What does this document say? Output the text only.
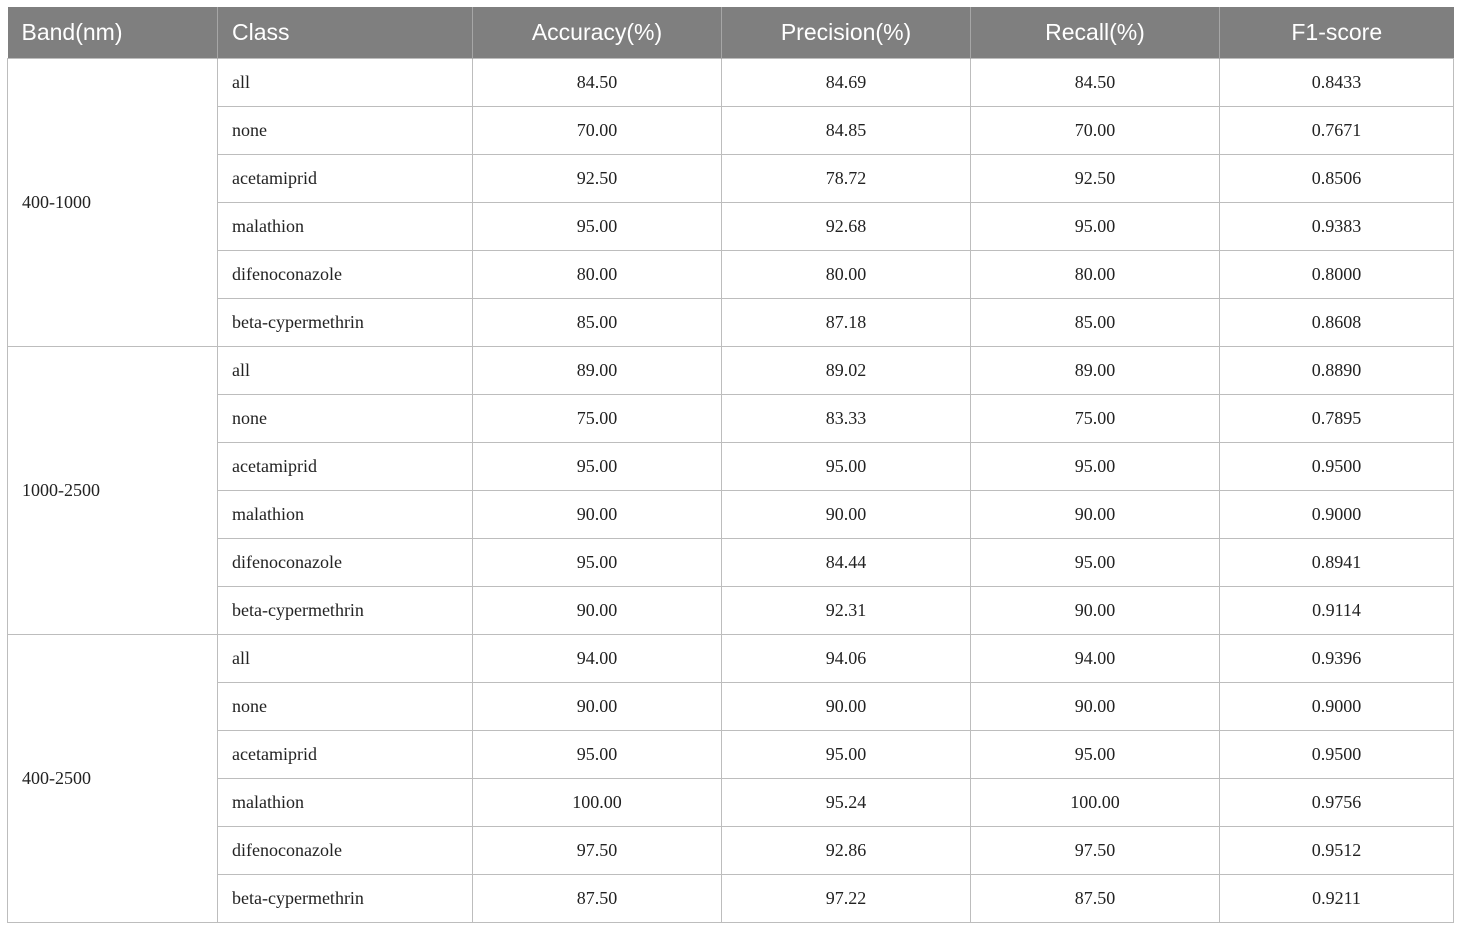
Band(nm)	Class	Accuracy(%)	Precision(%)	Recall(%)	F1-score
400-1000	all	84.50	84.69	84.50	0.8433
	none	70.00	84.85	70.00	0.7671
	acetamiprid	92.50	78.72	92.50	0.8506
	malathion	95.00	92.68	95.00	0.9383
	difenoconazole	80.00	80.00	80.00	0.8000
	beta-cypermethrin	85.00	87.18	85.00	0.8608
1000-2500	all	89.00	89.02	89.00	0.8890
	none	75.00	83.33	75.00	0.7895
	acetamiprid	95.00	95.00	95.00	0.9500
	malathion	90.00	90.00	90.00	0.9000
	difenoconazole	95.00	84.44	95.00	0.8941
	beta-cypermethrin	90.00	92.31	90.00	0.9114
400-2500	all	94.00	94.06	94.00	0.9396
	none	90.00	90.00	90.00	0.9000
	acetamiprid	95.00	95.00	95.00	0.9500
	malathion	100.00	95.24	100.00	0.9756
	difenoconazole	97.50	92.86	97.50	0.9512
	beta-cypermethrin	87.50	97.22	87.50	0.9211
